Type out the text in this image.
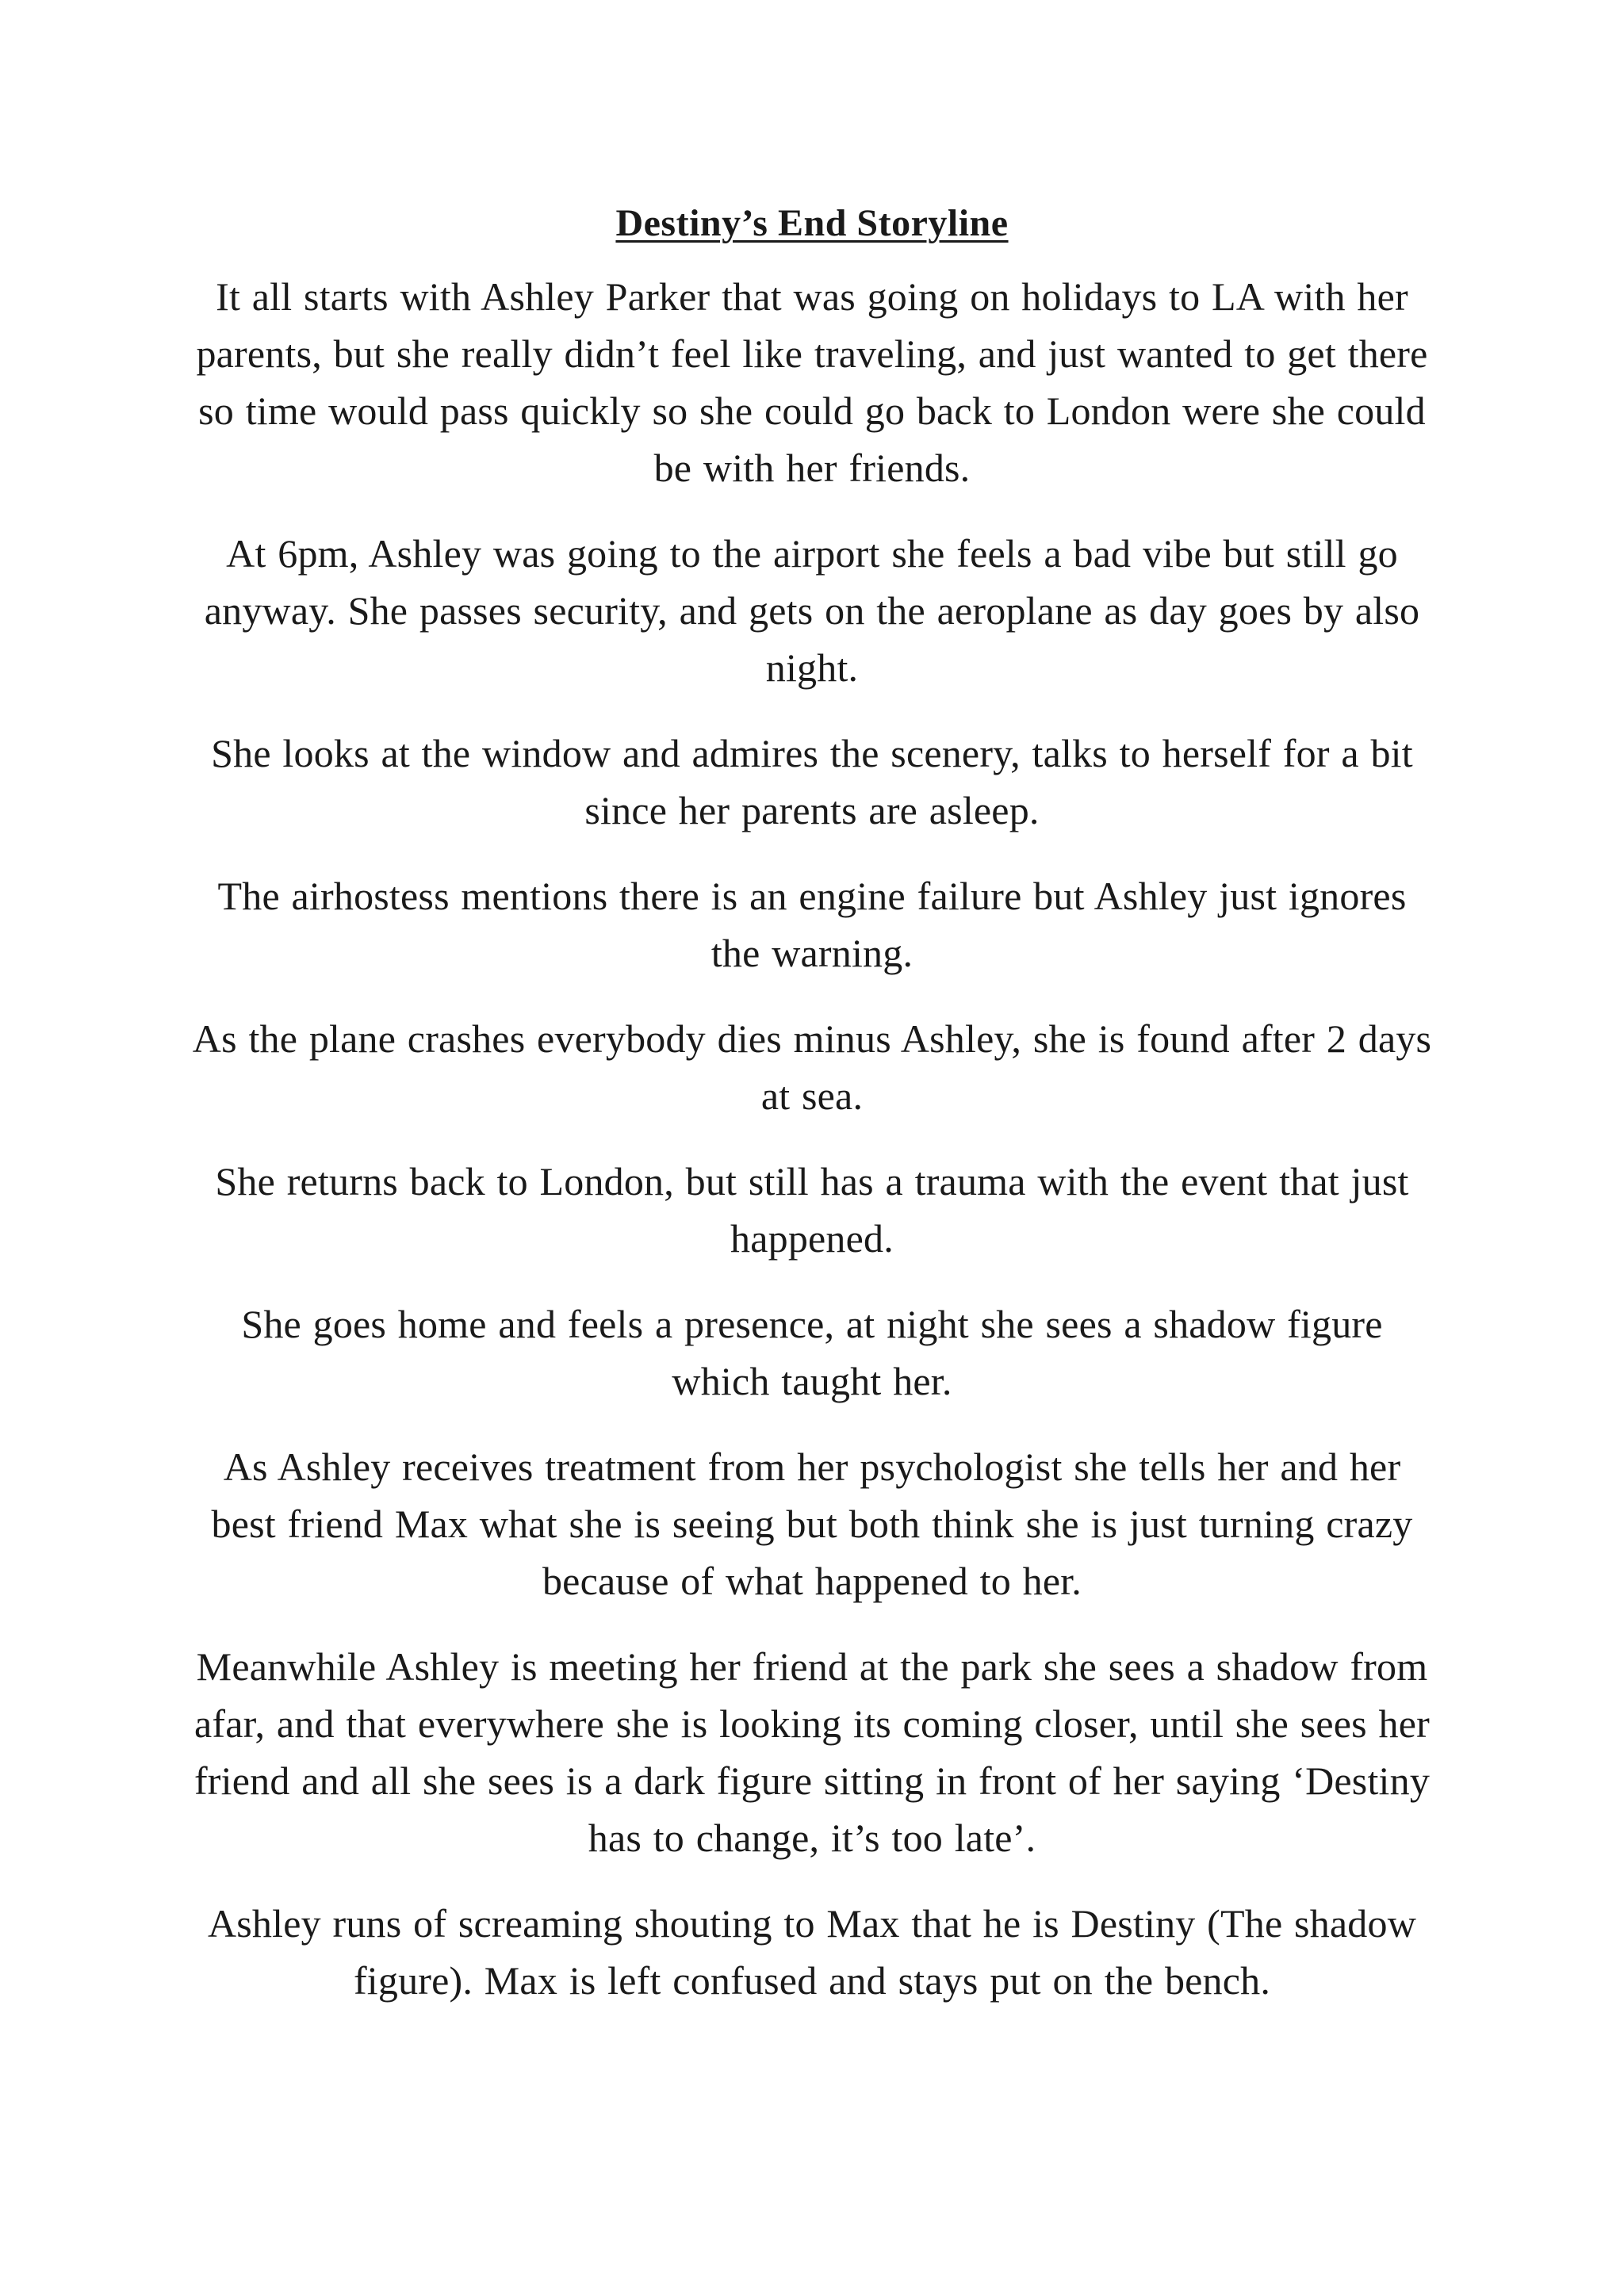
Destiny’s End Storyline

It all starts with Ashley Parker that was going on holidays to LA with her parents, but she really didn’t feel like traveling, and just wanted to get there so time would pass quickly so she could go back to London were she could be with her friends.

At 6pm, Ashley was going to the airport she feels a bad vibe but still go anyway. She passes security, and gets on the aeroplane as day goes by also night.

She looks at the window and admires the scenery, talks to herself for a bit since her parents are asleep.

The airhostess mentions there is an engine failure but Ashley just ignores the warning.

As the plane crashes everybody dies minus Ashley, she is found after 2 days at sea.

She returns back to London, but still has a trauma with the event that just happened.

She goes home and feels a presence, at night she sees a shadow figure which taught her.

As Ashley receives treatment from her psychologist she tells her and her best friend Max what she is seeing but both think she is just turning crazy because of what happened to her.

Meanwhile Ashley is meeting her friend at the park she sees a shadow from afar, and that everywhere she is looking its coming closer, until she sees her friend and all she sees is a dark figure sitting in front of her saying ‘Destiny has to change, it’s too late’.

Ashley runs of screaming shouting to Max that he is Destiny (The shadow figure). Max is left confused and stays put on the bench.
